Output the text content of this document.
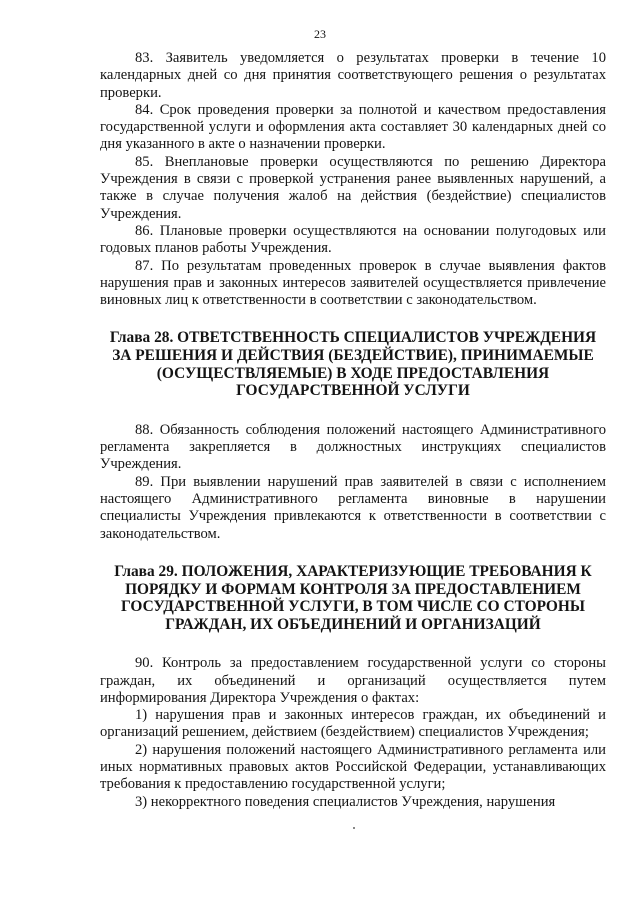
23

83. Заявитель уведомляется о результатах проверки в течение 10 календарных дней со дня принятия соответствующего решения о результатах проверки.

84. Срок проведения проверки за полнотой и качеством предоставления государственной услуги и оформления акта составляет 30 календарных дней со дня указанного в акте о назначении проверки.

85. Внеплановые проверки осуществляются по решению Директора Учреждения в связи с проверкой устранения ранее выявленных нарушений, а также в случае получения жалоб на действия (бездействие) специалистов Учреждения.

86. Плановые проверки осуществляются на основании полугодовых или годовых планов работы Учреждения.

87. По результатам проведенных проверок в случае выявления фактов нарушения прав и законных интересов заявителей осуществляется привлечение виновных лиц к ответственности в соответствии с законодательством.

Глава 28. ОТВЕТСТВЕННОСТЬ СПЕЦИАЛИСТОВ УЧРЕЖДЕНИЯ ЗА РЕШЕНИЯ И ДЕЙСТВИЯ (БЕЗДЕЙСТВИЕ), ПРИНИМАЕМЫЕ (ОСУЩЕСТВЛЯЕМЫЕ) В ХОДЕ ПРЕДОСТАВЛЕНИЯ ГОСУДАРСТВЕННОЙ УСЛУГИ

88. Обязанность соблюдения положений настоящего Административного регламента закрепляется в должностных инструкциях специалистов Учреждения.

89. При выявлении нарушений прав заявителей в связи с исполнением настоящего Административного регламента виновные в нарушении специалисты Учреждения привлекаются к ответственности в соответствии с законодательством.

Глава 29. ПОЛОЖЕНИЯ, ХАРАКТЕРИЗУЮЩИЕ ТРЕБОВАНИЯ К ПОРЯДКУ И ФОРМАМ КОНТРОЛЯ ЗА ПРЕДОСТАВЛЕНИЕМ ГОСУДАРСТВЕННОЙ УСЛУГИ, В ТОМ ЧИСЛЕ СО СТОРОНЫ ГРАЖДАН, ИХ ОБЪЕДИНЕНИЙ И ОРГАНИЗАЦИЙ

90. Контроль за предоставлением государственной услуги со стороны граждан, их объединений и организаций осуществляется путем информирования Директора Учреждения о фактах:

1) нарушения прав и законных интересов граждан, их объединений и организаций решением, действием (бездействием) специалистов Учреждения;

2) нарушения положений настоящего Административного регламента или иных нормативных правовых актов Российской Федерации, устанавливающих требования к предоставлению государственной услуги;

3) некорректного поведения специалистов Учреждения, нарушения
